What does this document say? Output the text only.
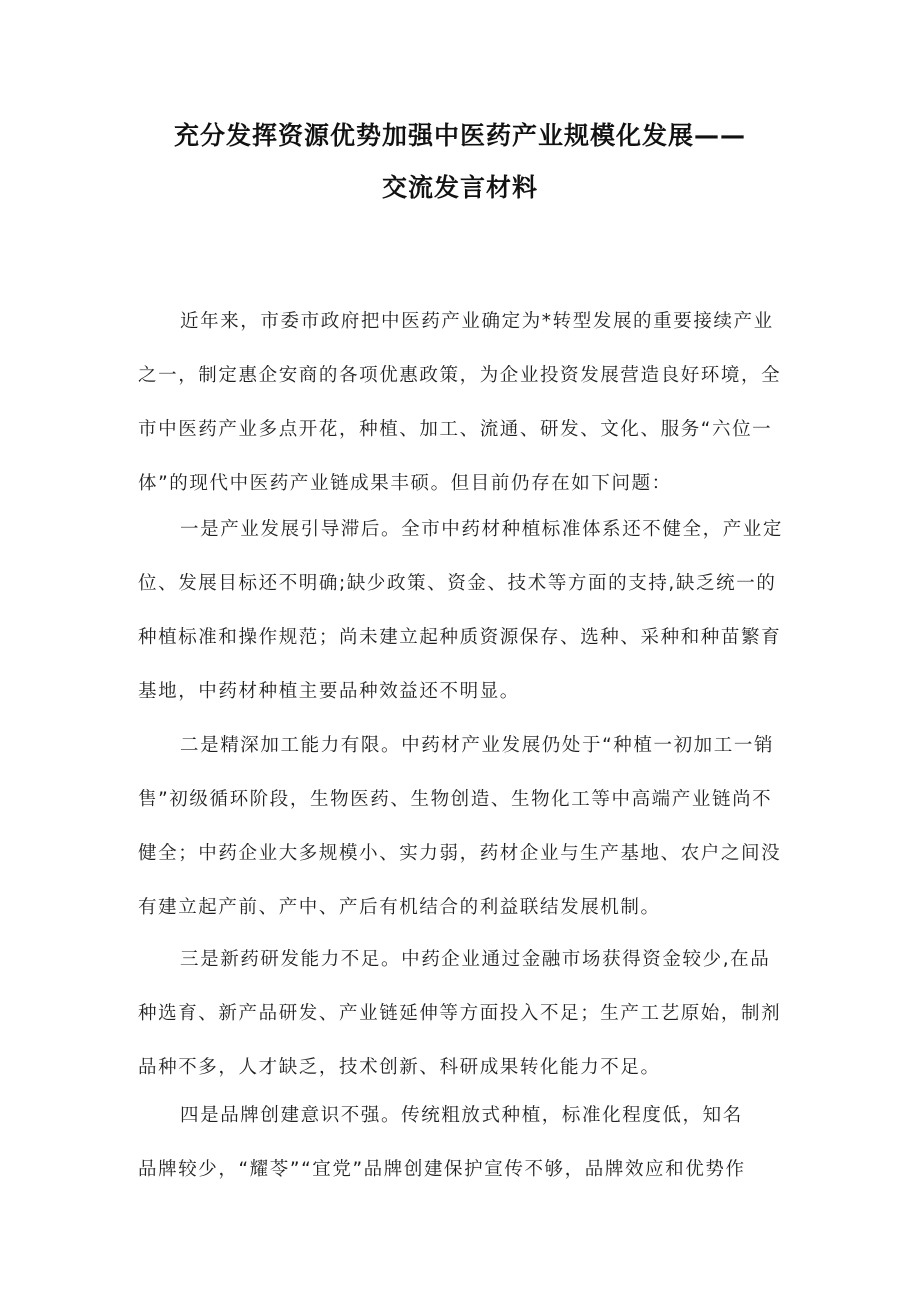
充分发挥资源优势加强中医药产业规模化发展——
交流发言材料
近年来，市委市政府把中医药产业确定为*转型发展的重要接续产业
之一，制定惠企安商的各项优惠政策，为企业投资发展营造良好环境，全
市中医药产业多点开花，种植、加工、流通、研发、文化、服务“六位一
体”的现代中医药产业链成果丰硕。但目前仍存在如下问题：
一是产业发展引导滞后。全市中药材种植标准体系还不健全，产业定
位、发展目标还不明确;缺少政策、资金、技术等方面的支持,缺乏统一的
种植标准和操作规范；尚未建立起种质资源保存、选种、采种和种苗繁育
基地，中药材种植主要品种效益还不明显。
二是精深加工能力有限。中药材产业发展仍处于“种植一初加工一销
售”初级循环阶段，生物医药、生物创造、生物化工等中高端产业链尚不
健全；中药企业大多规模小、实力弱，药材企业与生产基地、农户之间没
有建立起产前、产中、产后有机结合的利益联结发展机制。
三是新药研发能力不足。中药企业通过金融市场获得资金较少,在品
种选育、新产品研发、产业链延伸等方面投入不足；生产工艺原始，制剂
品种不多，人才缺乏，技术创新、科研成果转化能力不足。
四是品牌创建意识不强。传统粗放式种植，标准化程度低，知名
品牌较少，“耀苓”“宜党”品牌创建保护宣传不够，品牌效应和优势作
